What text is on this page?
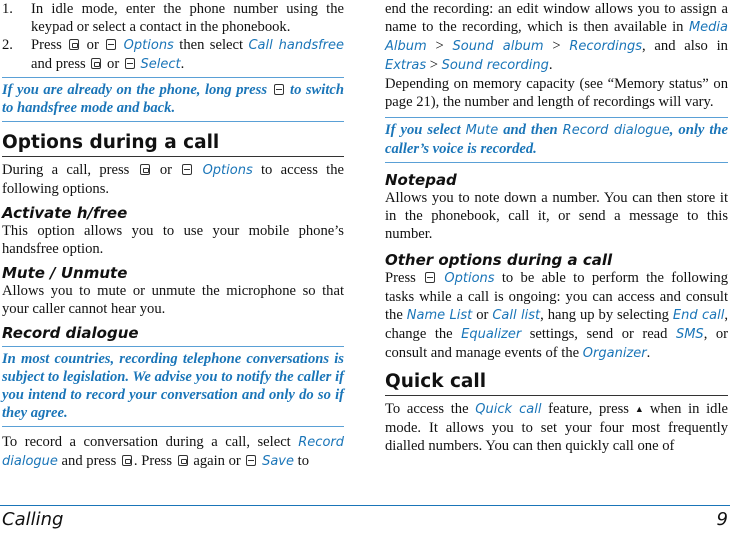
1. In idle mode, enter the phone number using the keypad or select a contact in the phonebook.
2. Press or Options then select Call handsfree and press or Select.
If you are already on the phone, long press to switch to handsfree mode and back.
Options during a call

During a call, press or Options to access the following options.

Activate h/free

This option allows you to use your mobile phone’s handsfree option.

Mute / Unmute

Allows you to mute or unmute the microphone so that your caller cannot hear you.

Record dialogue
In most countries, recording telephone conversations is subject to legislation. We advise you to notify the caller if you intend to record your conversation and only do so if they agree.

To record a conversation during a call, select Record dialogue and press . Press again or Save to

end the recording: an edit window allows you to assign a name to the recording, which is then available in Media Album > Sound album > Recordings, and also in Extras > Sound recording.

Depending on memory capacity (see “Memory status” on page 21), the number and length of recordings will vary.

If you select Mute and then Record dialogue, only the caller’s voice is recorded.
Notepad

Allows you to note down a number. You can then store it in the phonebook, call it, or send a message to this number.

Other options during a call

Press Options to be able to perform the following tasks while a call is ongoing: you can access and consult the Name List or Call list, hang up by selecting End call, change the Equalizer settings, send or read SMS, or consult and manage events of the Organizer.

Quick call

To access the Quick call feature, press ▲ when in idle mode. It allows you to set your four most frequently dialled numbers. You can then quickly call one of

Calling	9
